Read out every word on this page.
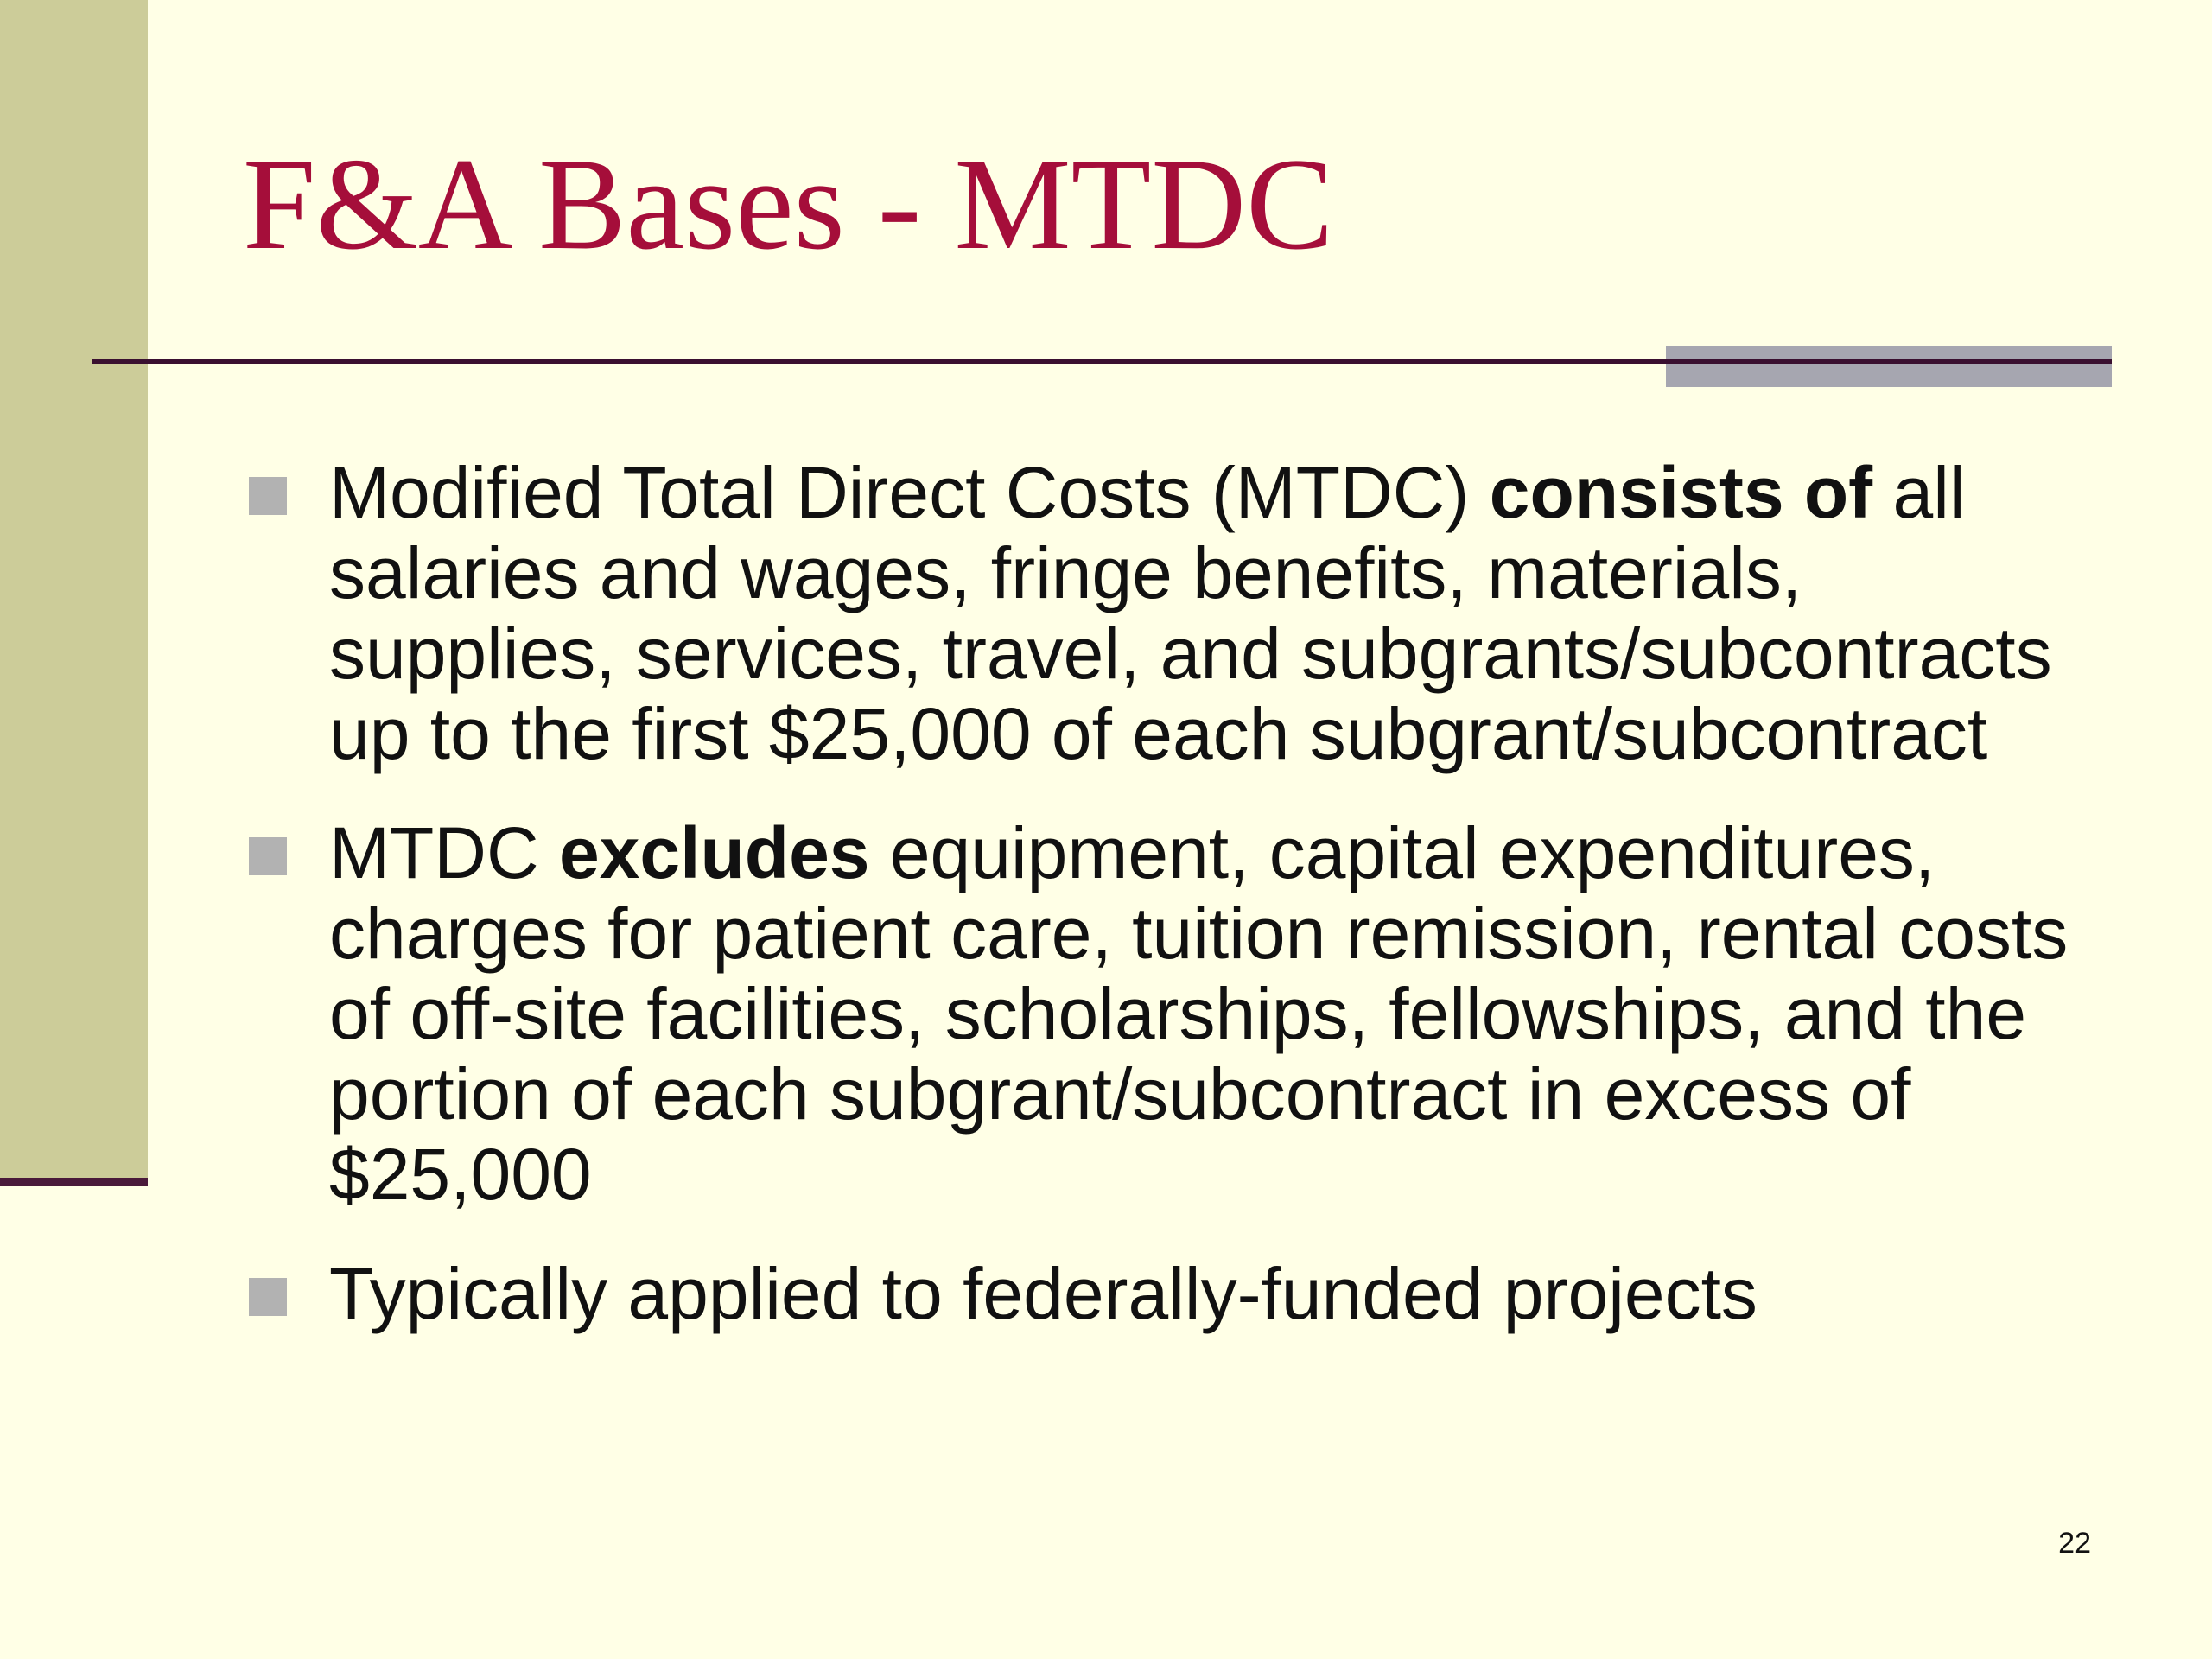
F&A Bases - MTDC
Modified Total Direct Costs (MTDC) consists of all salaries and wages, fringe benefits, materials, supplies, services, travel, and subgrants/subcontracts up to the first $25,000 of each subgrant/subcontract
MTDC excludes equipment, capital expenditures, charges for patient care, tuition remission, rental costs of off-site facilities, scholarships, fellowships, and the portion of each subgrant/subcontract in excess of $25,000
Typically applied to federally-funded projects
22
